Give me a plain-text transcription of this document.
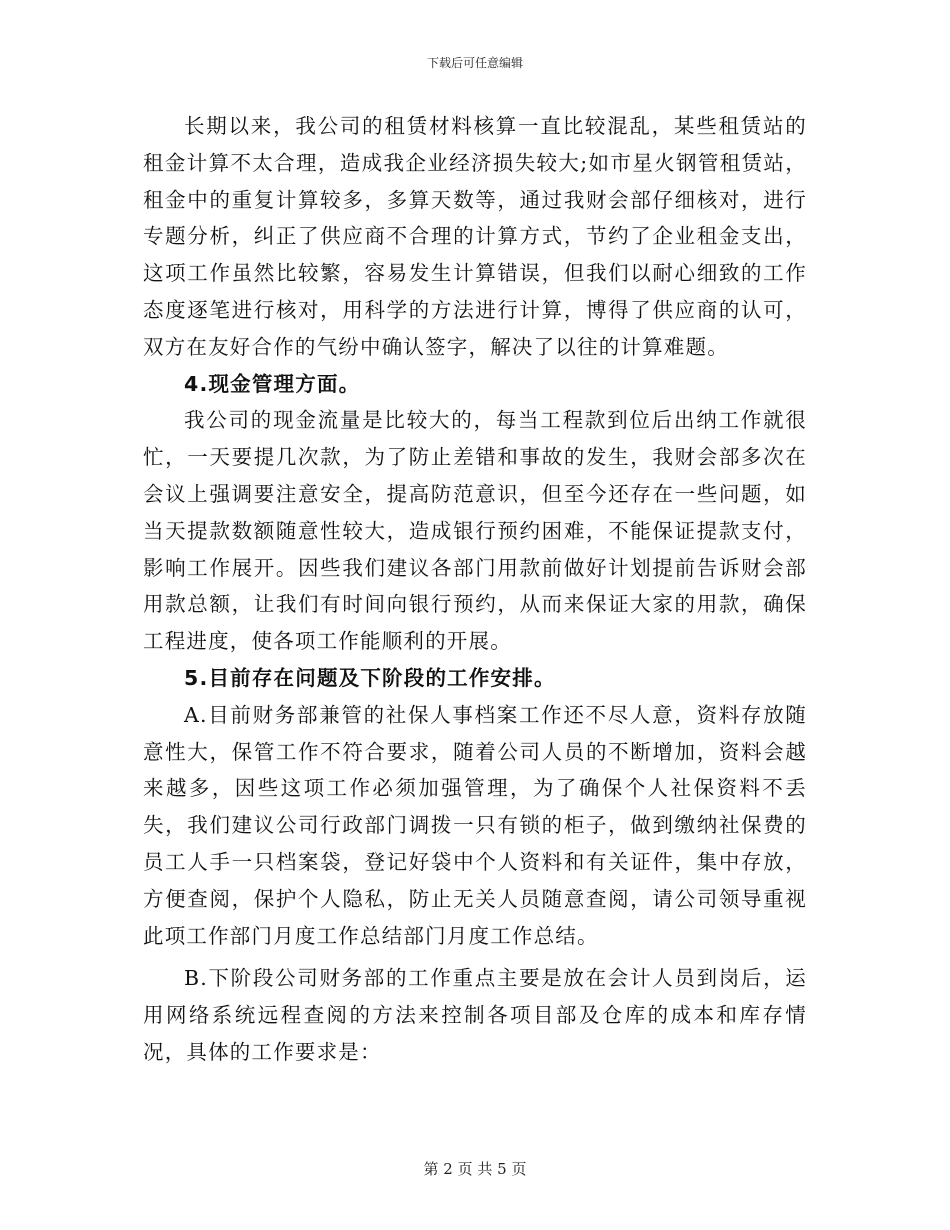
下载后可任意编辑

长期以来，我公司的租赁材料核算一直比较混乱，某些租赁站的租金计算不太合理，造成我企业经济损失较大;如市星火钢管租赁站，租金中的重复计算较多，多算天数等，通过我财会部仔细核对，进行专题分析，纠正了供应商不合理的计算方式，节约了企业租金支出，这项工作虽然比较繁，容易发生计算错误，但我们以耐心细致的工作态度逐笔进行核对，用科学的方法进行计算，博得了供应商的认可，双方在友好合作的气纷中确认签字，解决了以往的计算难题。

4.现金管理方面。

我公司的现金流量是比较大的，每当工程款到位后出纳工作就很忙，一天要提几次款，为了防止差错和事故的发生，我财会部多次在会议上强调要注意安全，提高防范意识，但至今还存在一些问题，如当天提款数额随意性较大，造成银行预约困难，不能保证提款支付，影响工作展开。因些我们建议各部门用款前做好计划提前告诉财会部用款总额，让我们有时间向银行预约，从而来保证大家的用款，确保工程进度，使各项工作能顺利的开展。

5.目前存在问题及下阶段的工作安排。

A.目前财务部兼管的社保人事档案工作还不尽人意，资料存放随意性大，保管工作不符合要求，随着公司人员的不断增加，资料会越来越多，因些这项工作必须加强管理，为了确保个人社保资料不丢失，我们建议公司行政部门调拨一只有锁的柜子，做到缴纳社保费的员工人手一只档案袋，登记好袋中个人资料和有关证件，集中存放，方便查阅，保护个人隐私，防止无关人员随意查阅，请公司领导重视此项工作部门月度工作总结部门月度工作总结。

B.下阶段公司财务部的工作重点主要是放在会计人员到岗后，运用网络系统远程查阅的方法来控制各项目部及仓库的成本和库存情况，具体的工作要求是：

第 2 页 共 5 页
